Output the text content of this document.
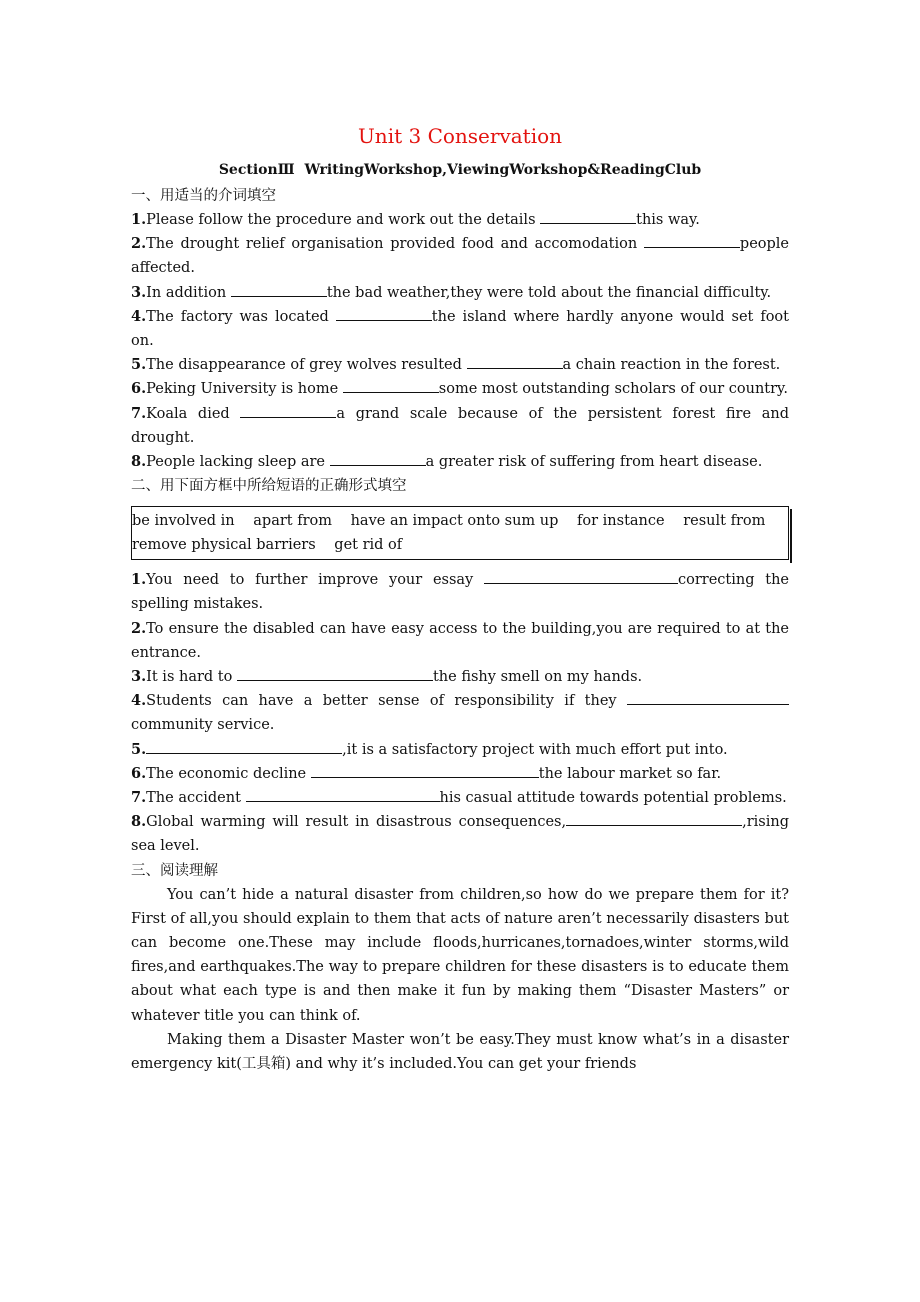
Unit 3 Conservation
SectionⅢ  WritingWorkshop,ViewingWorkshop&ReadingClub
一、用适当的介词填空
1.Please follow the procedure and work out the details	this way.
2.The drought relief organisation provided food and accomodation	people affected.
3.In addition	the bad weather,they were told about the financial difficulty.
4.The factory was located	the island where hardly anyone would set foot on.
5.The disappearance of grey wolves resulted	a chain reaction in the forest.
6.Peking University is home	some most outstanding scholars of our country.
7.Koala died	a grand scale because of the persistent forest fire and drought.
8.People lacking sleep are	a greater risk of suffering from heart disease.
二、用下面方框中所给短语的正确形式填空
be involved in apart from have an impact onto sum up for instance result from remove physical barriers get rid of
1.You need to further improve your essay	correcting the spelling mistakes.
2.To ensure the disabled can have easy access to the building,you are required to at the entrance.
3.It is hard to	the fishy smell on my hands.
4.Students can have a better sense of responsibility if they  community service.
5.	,it is a satisfactory project with much effort put into.
6.The economic decline	the labour market so far.
7.The accident	his casual attitude towards potential problems.
8.Global warming will result in disastrous consequences,	,rising sea level.
三、阅读理解
You can’t hide a natural disaster from children,so how do we prepare them for it?First of all,you should explain to them that acts of nature aren’t necessarily disasters but can become one.These may include floods,hurricanes,tornadoes,winter storms,wild fires,and earthquakes.The way to prepare children for these disasters is to educate them about what each type is and then make it fun by making them “Disaster Masters” or whatever title you can think of.
Making them a Disaster Master won’t be easy.They must know what’s in a disaster emergency kit(工具箱) and why it’s included.You can get your friends
